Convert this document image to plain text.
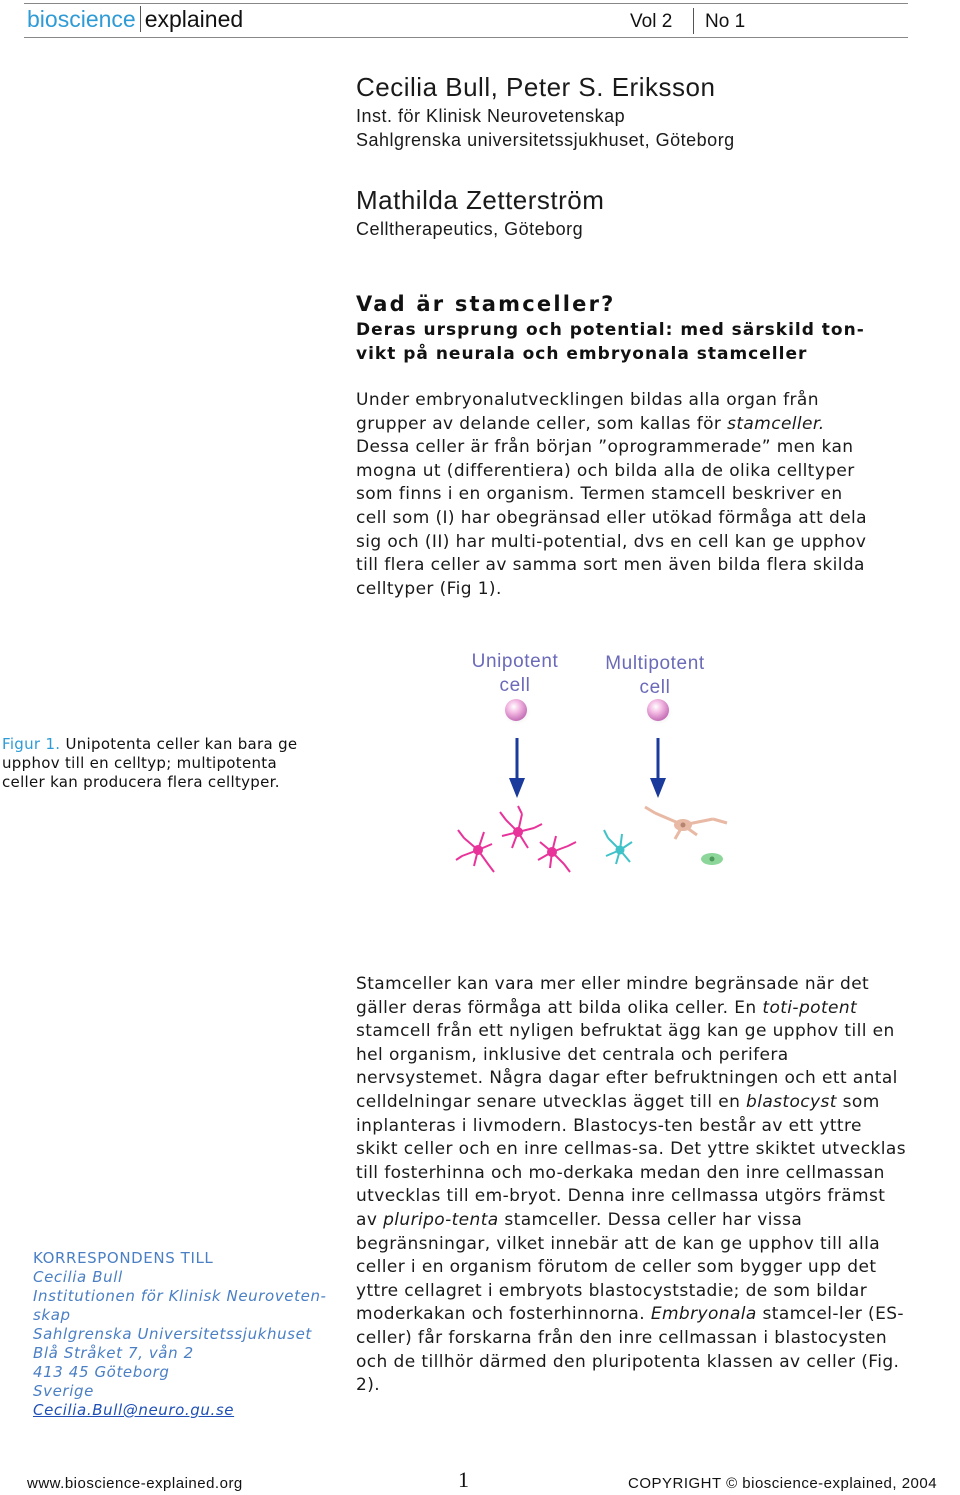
bioscience explained	Vol 2 No 1
Cecilia Bull, Peter S. Eriksson
Inst. för Klinisk Neurovetenskap
Sahlgrenska universitetssjukhuset, Göteborg
Mathilda Zetterström
Celltherapeutics, Göteborg
Vad är stamceller?
Deras ursprung och potential: med särskild ton-vikt på neurala och embryonala stamceller
Under embryonalutvecklingen bildas alla organ från grupper av delande celler, som kallas för stamceller. Dessa celler är från början ”oprogrammerade” men kan mogna ut (differentiera) och bilda alla de olika celltyper som finns i en organism. Termen stamcell beskriver en cell som (I) har obegränsad eller utökad förmåga att dela sig och (II) har multi-potential, dvs en cell kan ge upphov till flera celler av samma sort men även bilda flera skilda celltyper (Fig 1).
Unipotent
cell
Multipotent
cell
Figur 1. Unipotenta celler kan bara ge upphov till en celltyp; multipotenta celler kan producera flera celltyper.
Stamceller kan vara mer eller mindre begränsade när det gäller deras förmåga att bilda olika celler. En toti-potent stamcell från ett nyligen befruktat ägg kan ge upphov till en hel organism, inklusive det centrala och perifera nervsystemet. Några dagar efter befruktningen och ett antal celldelningar senare utvecklas ägget till en blastocyst som inplanteras i livmodern. Blastocys-ten består av ett yttre skikt celler och en inre cellmas-sa. Det yttre skiktet utvecklas till fosterhinna och mo-derkaka medan den inre cellmassan utvecklas till em-bryot. Denna inre cellmassa utgörs främst av pluripo-tenta stamceller. Dessa celler har vissa begränsningar, vilket innebär att de kan ge upphov till alla celler i en organism förutom de celler som bygger upp det yttre cellagret i embryots blastocyststadie; de som bildar moderkakan och fosterhinnorna. Embryonala stamcel-ler (ES-celler) får forskarna från den inre cellmassan i blastocysten och de tillhör därmed den pluripotenta klassen av celler (Fig. 2).
KORRESPONDENS TILL
Cecilia Bull
Institutionen för Klinisk Neuroveten-skap
Sahlgrenska Universitetssjukhuset
Blå Stråket 7, vån 2
413 45 Göteborg
Sverige
Cecilia.Bull@neuro.gu.se
www.bioscience-explained.org	1	COPYRIGHT © bioscience-explained, 2004
